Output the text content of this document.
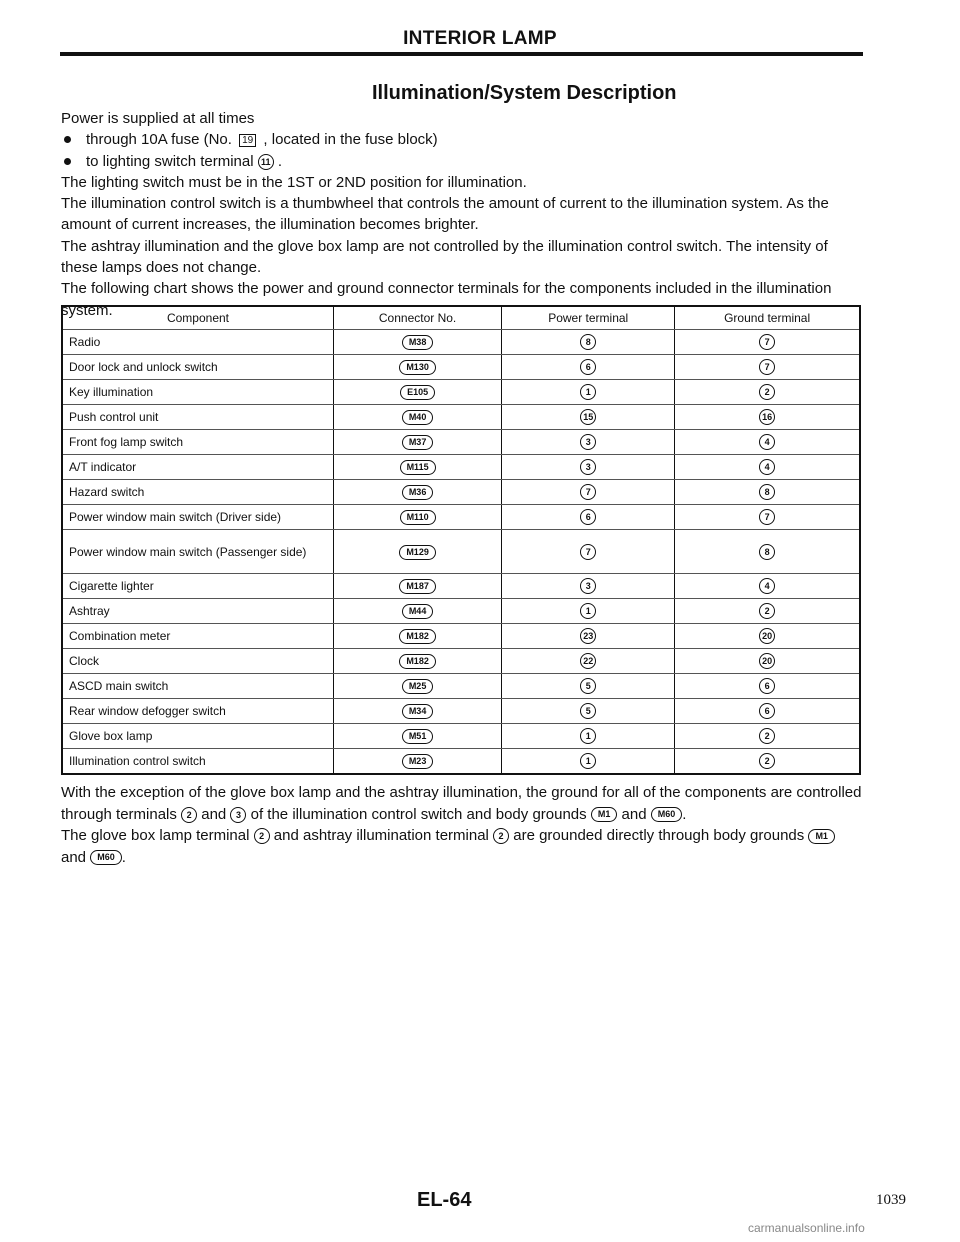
INTERIOR LAMP
Illumination/System Description

Power is supplied at all times

through 10A fuse (No. 19 , located in the fuse block)

to lighting switch terminal 11 .

The lighting switch must be in the 1ST or 2ND position for illumination.

The illumination control switch is a thumbwheel that controls the amount of current to the illumination system. As the amount of current increases, the illumination becomes brighter.

The ashtray illumination and the glove box lamp are not controlled by the illumination control switch. The intensity of these lamps does not change.

The following chart shows the power and ground connector terminals for the components included in the illumination system.	Component	Connector No.	Power terminal	Ground terminal
Radio	M38	8	7
Door lock and unlock switch	M130	6	7
Key illumination	E105	1	2
Push control unit	M40	15	16
Front fog lamp switch	M37	3	4
A/T indicator	M115	3	4
Hazard switch	M36	7	8
Power window main switch (Driver side)	M110	6	7
Power window main switch (Passenger side)	M129	7	8
Cigarette lighter	M187	3	4
Ashtray	M44	1	2
Combination meter	M182	23	20
Clock	M182	22	20
ASCD main switch	M25	5	6
Rear window defogger switch	M34	5	6
Glove box lamp	M51	1	2
Illumination control switch	M23	1	2

With the exception of the glove box lamp and the ashtray illumination, the ground for all of the components are controlled through terminals 2 and 3 of the illumination control switch and body grounds M1 and M60 .

The glove box lamp terminal 2 and ashtray illumination terminal 2 are grounded directly through body grounds M1 and M60 .

EL-64	1039
carmanualsonline.info
